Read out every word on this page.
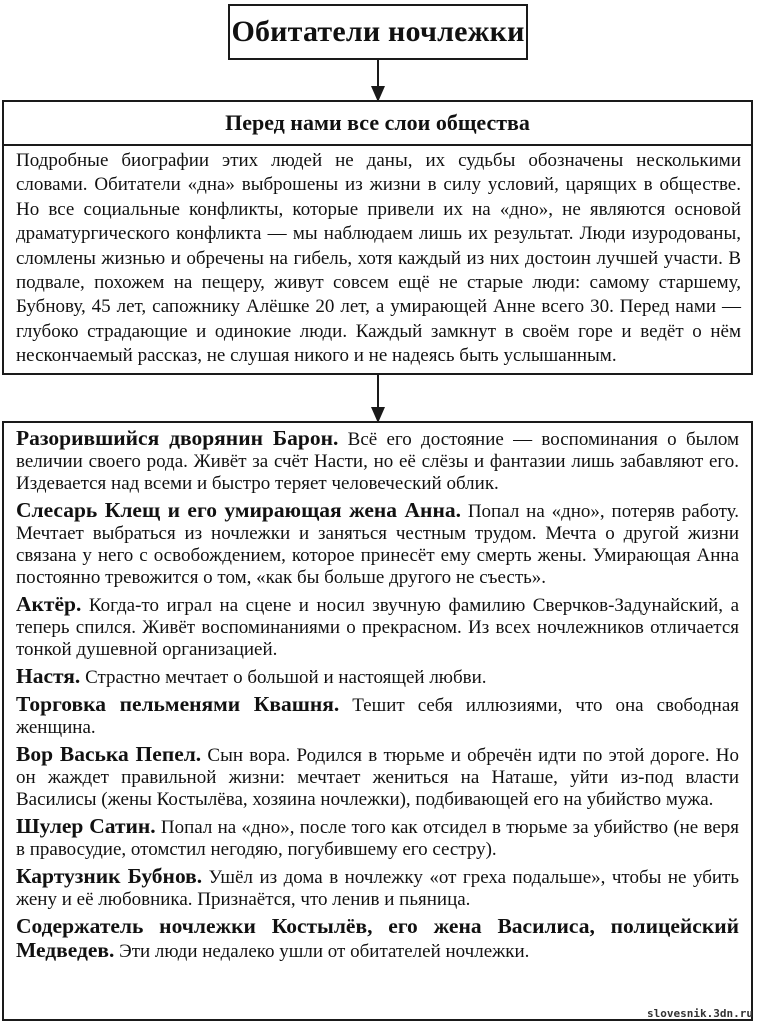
Обитатели ночлежки
Перед нами все слои общества
Подробные биографии этих людей не даны, их судьбы обозначены несколькими словами. Обитатели «дна» выброшены из жизни в силу условий, царящих в обществе. Но все социальные конфликты, которые привели их на «дно», не являются основой драматургического конфликта — мы наблюдаем лишь их результат. Люди изуродованы, сломлены жизнью и обречены на гибель, хотя каждый из них достоин лучшей участи. В подвале, похожем на пещеру, живут совсем ещё не старые люди: самому старшему, Бубнову, 45 лет, сапожнику Алёшке 20 лет, а умирающей Анне всего 30. Перед нами — глубоко страдающие и одинокие люди. Каждый замкнут в своём горе и ведёт о нём нескончаемый рассказ, не слушая никого и не надеясь быть услышанным.
Разорившийся дворянин Барон. Всё его достояние — воспоминания о былом величии своего рода. Живёт за счёт Насти, но её слёзы и фантазии лишь забавляют его. Издевается над всеми и быстро теряет человеческий облик.
Слесарь Клещ и его умирающая жена Анна. Попал на «дно», потеряв работу. Мечтает выбраться из ночлежки и заняться честным трудом. Мечта о другой жизни связана у него с освобождением, которое принесёт ему смерть жены. Умирающая Анна постоянно тревожится о том, «как бы больше другого не съесть».
Актёр. Когда-то играл на сцене и носил звучную фамилию Сверчков-Задунайский, а теперь спился. Живёт воспоминаниями о прекрасном. Из всех ночлежников отличается тонкой душевной организацией.
Настя. Страстно мечтает о большой и настоящей любви.
Торговка пельменями Квашня. Тешит себя иллюзиями, что она свободная женщина.
Вор Васька Пепел. Сын вора. Родился в тюрьме и обречён идти по этой дороге. Но он жаждет правильной жизни: мечтает жениться на Наташе, уйти из-под власти Василисы (жены Костылёва, хозяина ночлежки), подбивающей его на убийство мужа.
Шулер Сатин. Попал на «дно», после того как отсидел в тюрьме за убийство (не веря в правосудие, отомстил негодяю, погубившему его сестру).
Картузник Бубнов. Ушёл из дома в ночлежку «от греха подальше», чтобы не убить жену и её любовника. Признаётся, что ленив и пьяница.
Содержатель ночлежки Костылёв, его жена Василиса, полицейский Медведев. Эти люди недалеко ушли от обитателей ночлежки.
slovesnik.3dn.ru
